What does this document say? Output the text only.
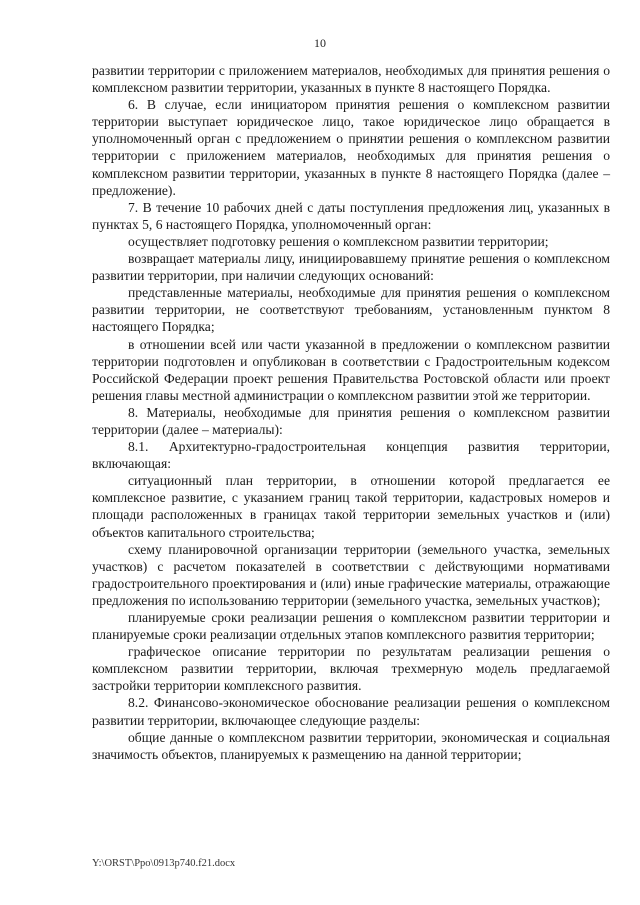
10

развитии территории с приложением материалов, необходимых для принятия решения о комплексном развитии территории, указанных в пункте 8 настоящего Порядка.

6. В случае, если инициатором принятия решения о комплексном развитии территории выступает юридическое лицо, такое юридическое лицо обращается в уполномоченный орган с предложением о принятии решения о комплексном развитии территории с приложением материалов, необходимых для принятия решения о комплексном развитии территории, указанных в пункте 8 настоящего Порядка (далее – предложение).

7. В течение 10 рабочих дней с даты поступления предложения лиц, указанных в пунктах 5, 6 настоящего Порядка, уполномоченный орган:

осуществляет подготовку решения о комплексном развитии территории;

возвращает материалы лицу, инициировавшему принятие решения о комплексном развитии территории, при наличии следующих оснований:

представленные материалы, необходимые для принятия решения о комплексном развитии территории, не соответствуют требованиям, установленным пунктом 8 настоящего Порядка;

в отношении всей или части указанной в предложении о комплексном развитии территории подготовлен и опубликован в соответствии с Градостроительным кодексом Российской Федерации проект решения Правительства Ростовской области или проект решения главы местной администрации о комплексном развитии этой же территории.

8. Материалы, необходимые для принятия решения о комплексном развитии территории (далее – материалы):

8.1. Архитектурно-градостроительная концепция развития территории, включающая:

ситуационный план территории, в отношении которой предлагается ее комплексное развитие, с указанием границ такой территории, кадастровых номеров и площади расположенных в границах такой территории земельных участков и (или) объектов капитального строительства;

схему планировочной организации территории (земельного участка, земельных участков) с расчетом показателей в соответствии с действующими нормативами градостроительного проектирования и (или) иные графические материалы, отражающие предложения по использованию территории (земельного участка, земельных участков);

планируемые сроки реализации решения о комплексном развитии территории и планируемые сроки реализации отдельных этапов комплексного развития территории;

графическое описание территории по результатам реализации решения о комплексном развитии территории, включая трехмерную модель предлагаемой застройки территории комплексного развития.

8.2. Финансово-экономическое обоснование реализации решения о комплексном развитии территории, включающее следующие разделы:

общие данные о комплексном развитии территории, экономическая и социальная значимость объектов, планируемых к размещению на данной территории;

Y:\ORST\Ppo\0913p740.f21.docx
